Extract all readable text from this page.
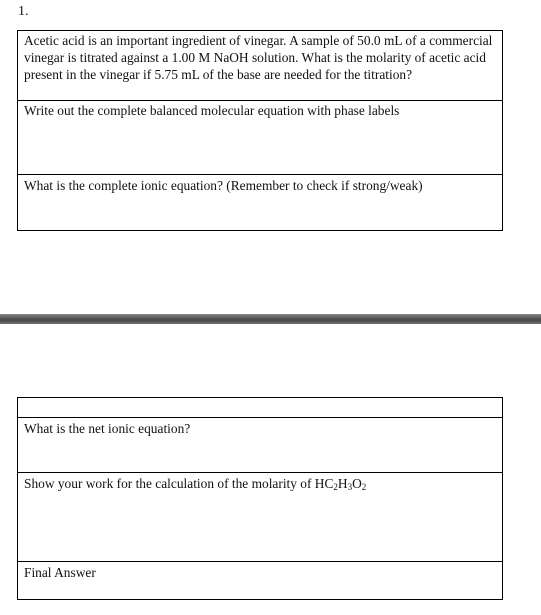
1.
Acetic acid is an important ingredient of vinegar. A sample of 50.0 mL of a commercial vinegar is titrated against a 1.00 M NaOH solution. What is the molarity of acetic acid present in the vinegar if 5.75 mL of the base are needed for the titration?
Write out the complete balanced molecular equation with phase labels
What is the complete ionic equation? (Remember to check if strong/weak)
What is the net ionic equation?
Show your work for the calculation of the molarity of $HC_2H_3O_2$
Final Answer
